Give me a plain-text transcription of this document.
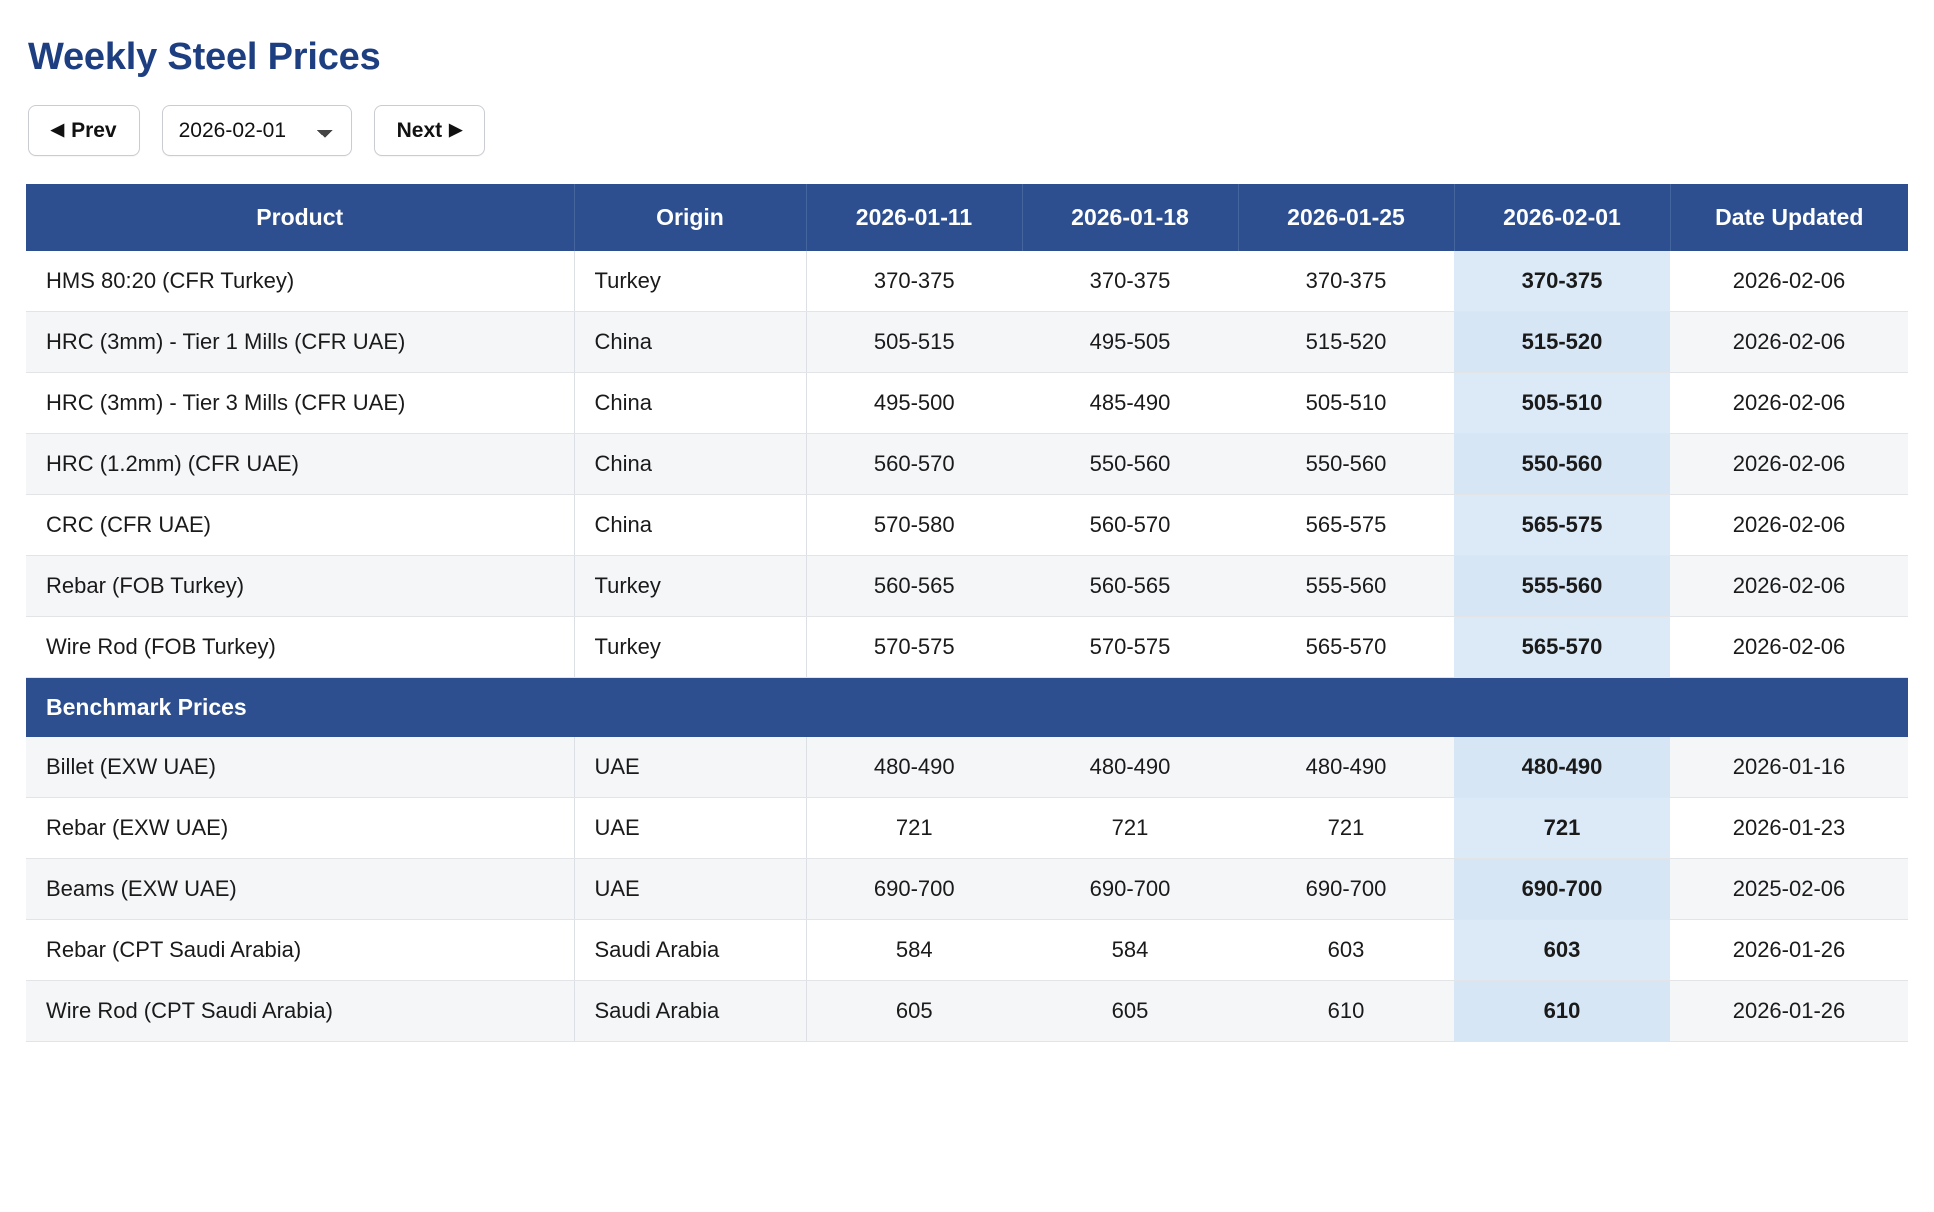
Weekly Steel Prices
◀ Prev
2026-02-01	Next ▶
Product	Origin	2026-01-11	2026-01-18	2026-01-25	2026-02-01	Date Updated
HMS 80:20 (CFR Turkey)	Turkey	370-375	370-375	370-375	370-375	2026-02-06
HRC (3mm) - Tier 1 Mills (CFR UAE)	China	505-515	495-505	515-520	515-520	2026-02-06
HRC (3mm) - Tier 3 Mills (CFR UAE)	China	495-500	485-490	505-510	505-510	2026-02-06
HRC (1.2mm) (CFR UAE)	China	560-570	550-560	550-560	550-560	2026-02-06
CRC (CFR UAE)	China	570-580	560-570	565-575	565-575	2026-02-06
Rebar (FOB Turkey)	Turkey	560-565	560-565	555-560	555-560	2026-02-06
Wire Rod (FOB Turkey)	Turkey	570-575	570-575	565-570	565-570	2026-02-06
Benchmark Prices						
Billet (EXW UAE)	UAE	480-490	480-490	480-490	480-490	2026-01-16
Rebar (EXW UAE)	UAE	721	721	721	721	2026-01-23
Beams (EXW UAE)	UAE	690-700	690-700	690-700	690-700	2025-02-06
Rebar (CPT Saudi Arabia)	Saudi Arabia	584	584	603	603	2026-01-26
Wire Rod (CPT Saudi Arabia)	Saudi Arabia	605	605	610	610	2026-01-26
